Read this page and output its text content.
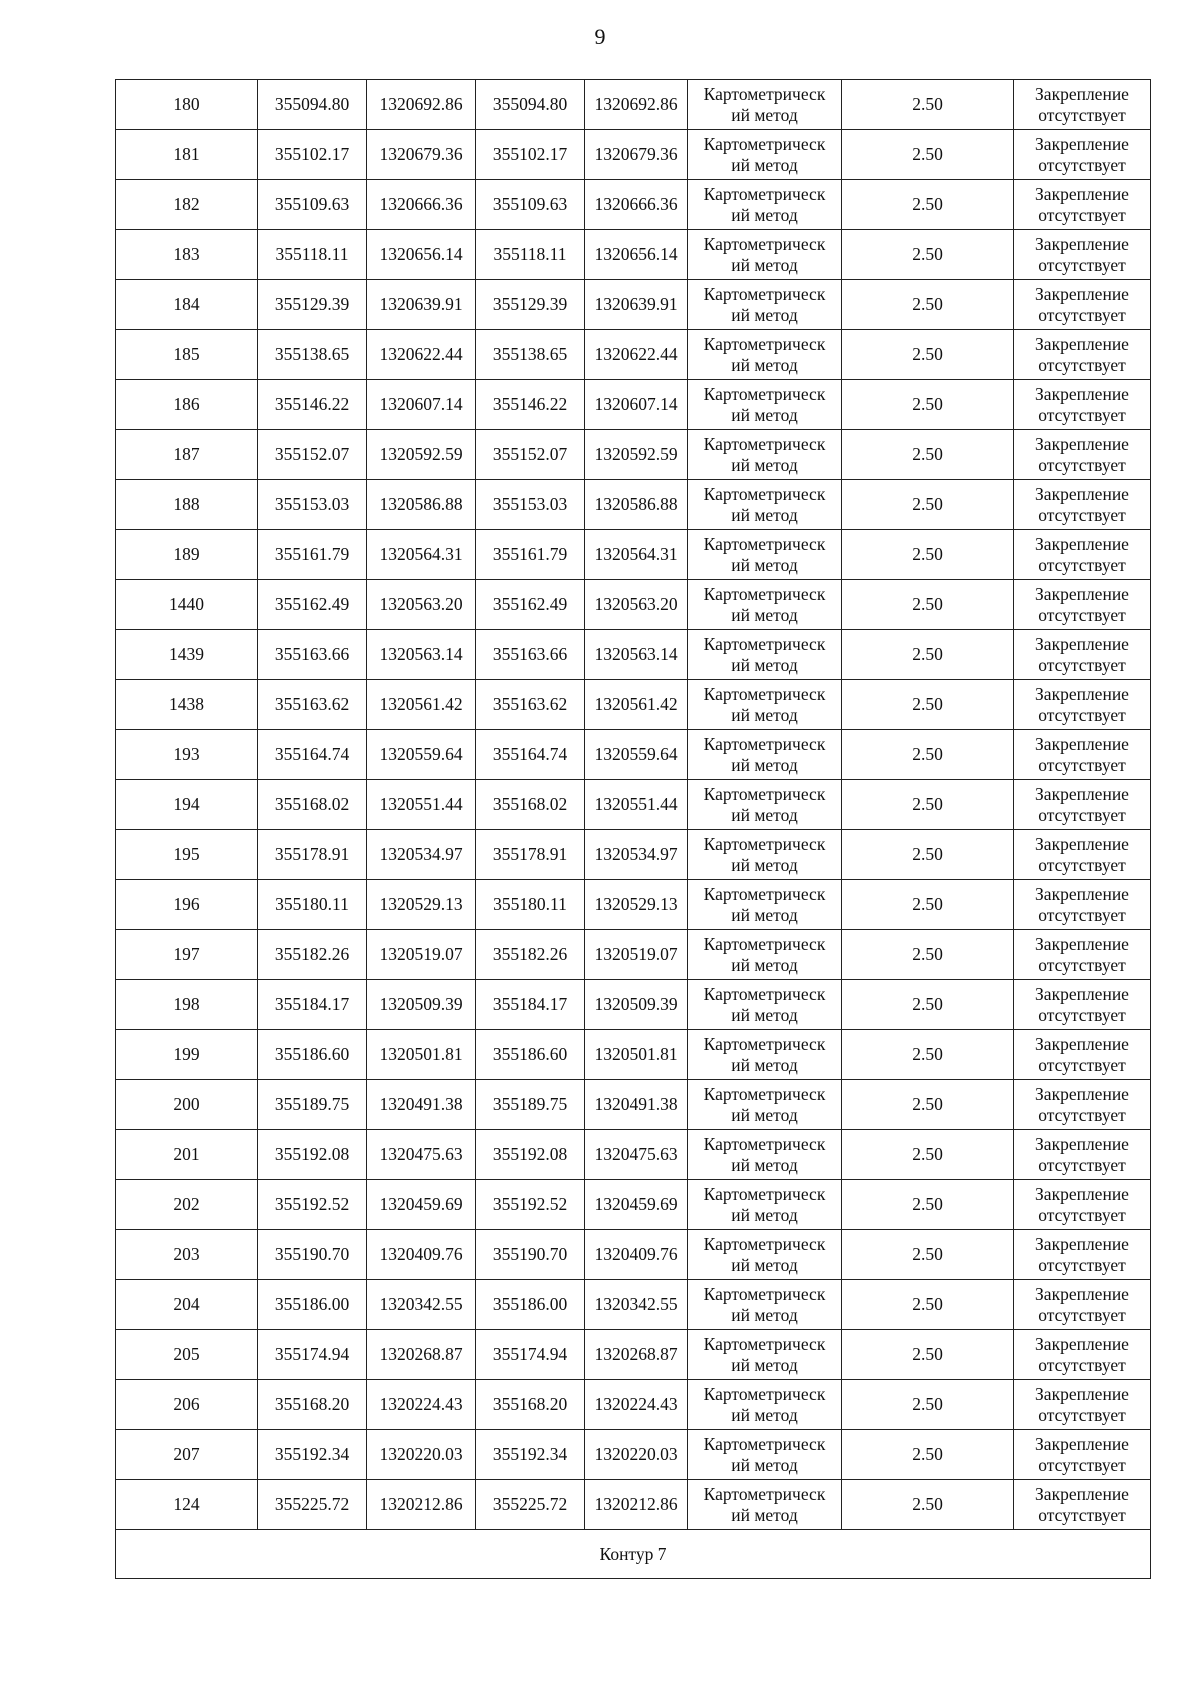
9
180	355094.80	1320692.86	355094.80	1320692.86	Картометрическ
ий метод	2.50	Закрепление
отсутствует

181	355102.17	1320679.36	355102.17	1320679.36	Картометрическ
ий метод	2.50	Закрепление
отсутствует

182	355109.63	1320666.36	355109.63	1320666.36	Картометрическ
ий метод	2.50	Закрепление
отсутствует

183	355118.11	1320656.14	355118.11	1320656.14	Картометрическ
ий метод	2.50	Закрепление
отсутствует

184	355129.39	1320639.91	355129.39	1320639.91	Картометрическ
ий метод	2.50	Закрепление
отсутствует

185	355138.65	1320622.44	355138.65	1320622.44	Картометрическ
ий метод	2.50	Закрепление
отсутствует

186	355146.22	1320607.14	355146.22	1320607.14	Картометрическ
ий метод	2.50	Закрепление
отсутствует

187	355152.07	1320592.59	355152.07	1320592.59	Картометрическ
ий метод	2.50	Закрепление
отсутствует

188	355153.03	1320586.88	355153.03	1320586.88	Картометрическ
ий метод	2.50	Закрепление
отсутствует

189	355161.79	1320564.31	355161.79	1320564.31	Картометрическ
ий метод	2.50	Закрепление
отсутствует

1440	355162.49	1320563.20	355162.49	1320563.20	Картометрическ
ий метод	2.50	Закрепление
отсутствует

1439	355163.66	1320563.14	355163.66	1320563.14	Картометрическ
ий метод	2.50	Закрепление
отсутствует

1438	355163.62	1320561.42	355163.62	1320561.42	Картометрическ
ий метод	2.50	Закрепление
отсутствует

193	355164.74	1320559.64	355164.74	1320559.64	Картометрическ
ий метод	2.50	Закрепление
отсутствует

194	355168.02	1320551.44	355168.02	1320551.44	Картометрическ
ий метод	2.50	Закрепление
отсутствует

195	355178.91	1320534.97	355178.91	1320534.97	Картометрическ
ий метод	2.50	Закрепление
отсутствует

196	355180.11	1320529.13	355180.11	1320529.13	Картометрическ
ий метод	2.50	Закрепление
отсутствует

197	355182.26	1320519.07	355182.26	1320519.07	Картометрическ
ий метод	2.50	Закрепление
отсутствует

198	355184.17	1320509.39	355184.17	1320509.39	Картометрическ
ий метод	2.50	Закрепление
отсутствует

199	355186.60	1320501.81	355186.60	1320501.81	Картометрическ
ий метод	2.50	Закрепление
отсутствует

200	355189.75	1320491.38	355189.75	1320491.38	Картометрическ
ий метод	2.50	Закрепление
отсутствует

201	355192.08	1320475.63	355192.08	1320475.63	Картометрическ
ий метод	2.50	Закрепление
отсутствует

202	355192.52	1320459.69	355192.52	1320459.69	Картометрическ
ий метод	2.50	Закрепление
отсутствует

203	355190.70	1320409.76	355190.70	1320409.76	Картометрическ
ий метод	2.50	Закрепление
отсутствует

204	355186.00	1320342.55	355186.00	1320342.55	Картометрическ
ий метод	2.50	Закрепление
отсутствует

205	355174.94	1320268.87	355174.94	1320268.87	Картометрическ
ий метод	2.50	Закрепление
отсутствует

206	355168.20	1320224.43	355168.20	1320224.43	Картометрическ
ий метод	2.50	Закрепление
отсутствует

207	355192.34	1320220.03	355192.34	1320220.03	Картометрическ
ий метод	2.50	Закрепление
отсутствует

124	355225.72	1320212.86	355225.72	1320212.86	Картометрическ
ий метод	2.50	Закрепление
отсутствует

Контур 7							
